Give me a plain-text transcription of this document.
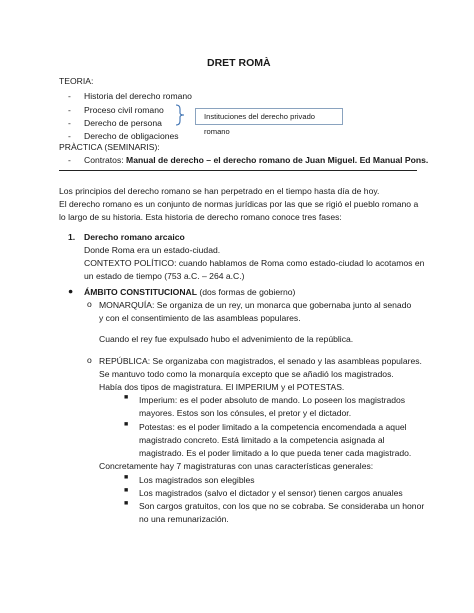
DRET ROMÀ
TEORIA:
- Historia del derecho romano
- Proceso civil romano
- Derecho de persona
- Derecho de obligaciones
Instituciones del derecho privado romano
PRÀCTICA (SEMINARIS):
- Contratos: Manual de derecho – el derecho romano de Juan Miguel. Ed Manual Pons.
Los principios del derecho romano se han perpetrado en el tiempo hasta día de hoy.
El derecho romano es un conjunto de normas jurídicas por las que se rigió el pueblo romano a
lo largo de su historia. Esta historia de derecho romano conoce tres fases:
1. Derecho romano arcaico
Donde Roma era un estado-ciudad.
CONTEXTO POLÍTICO: cuando hablamos de Roma como estado-ciudad lo acotamos en
un estado de tiempo (753 a.C. – 264 a.C.)
● ÁMBITO CONSTITUCIONAL (dos formas de gobierno)
o MONARQUÍA: Se organiza de un rey, un monarca que gobernaba junto al senado
y con el consentimiento de las asambleas populares.
Cuando el rey fue expulsado hubo el advenimiento de la república.
o REPÚBLICA: Se organizaba con magistrados, el senado y las asambleas populares.
Se mantuvo todo como la monarquía excepto que se añadió los magistrados.
Había dos tipos de magistratura. El IMPERIUM y el POTESTAS.
■ Imperium: es el poder absoluto de mando. Lo poseen los magistrados
mayores. Estos son los cónsules, el pretor y el dictador.
■ Potestas: es el poder limitado a la competencia encomendada a aquel
magistrado concreto. Está limitado a la competencia asignada al
magistrado. Es el poder limitado a lo que pueda tener cada magistrado.
Concretamente hay 7 magistraturas con unas características generales:
■ Los magistrados son elegibles
■ Los magistrados (salvo el dictador y el sensor) tienen cargos anuales
■ Son cargos gratuitos, con los que no se cobraba. Se consideraba un honor
no una remunarización.
